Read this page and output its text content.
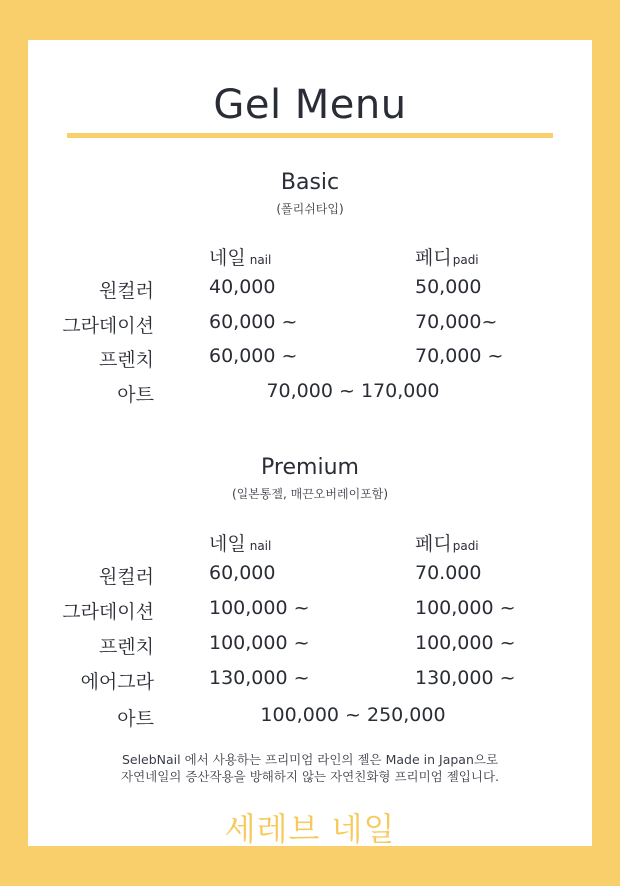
Gel Menu
Basic
(폴리쉬타입)
네일 nail	페디padi
원컬러	40,000	50,000
그라데이션	60,000 ~	70,000~
프렌치	60,000 ~	70,000 ~
아트	70,000 ~ 170,000
Premium
(일본통젤, 매끈오버레이포함)
네일 nail	페디padi
원컬러	60,000	70.000
그라데이션	100,000 ~	100,000 ~
프렌치	100,000 ~	100,000 ~
에어그라	130,000 ~	130,000 ~
아트	100,000 ~ 250,000
SelebNail 에서 사용하는 프리미엄 라인의 젤은 Made in Japan으로
자연네일의 증산작용을 방해하지 않는 자연친화형 프리미엄 젤입니다.
세레브 네일
